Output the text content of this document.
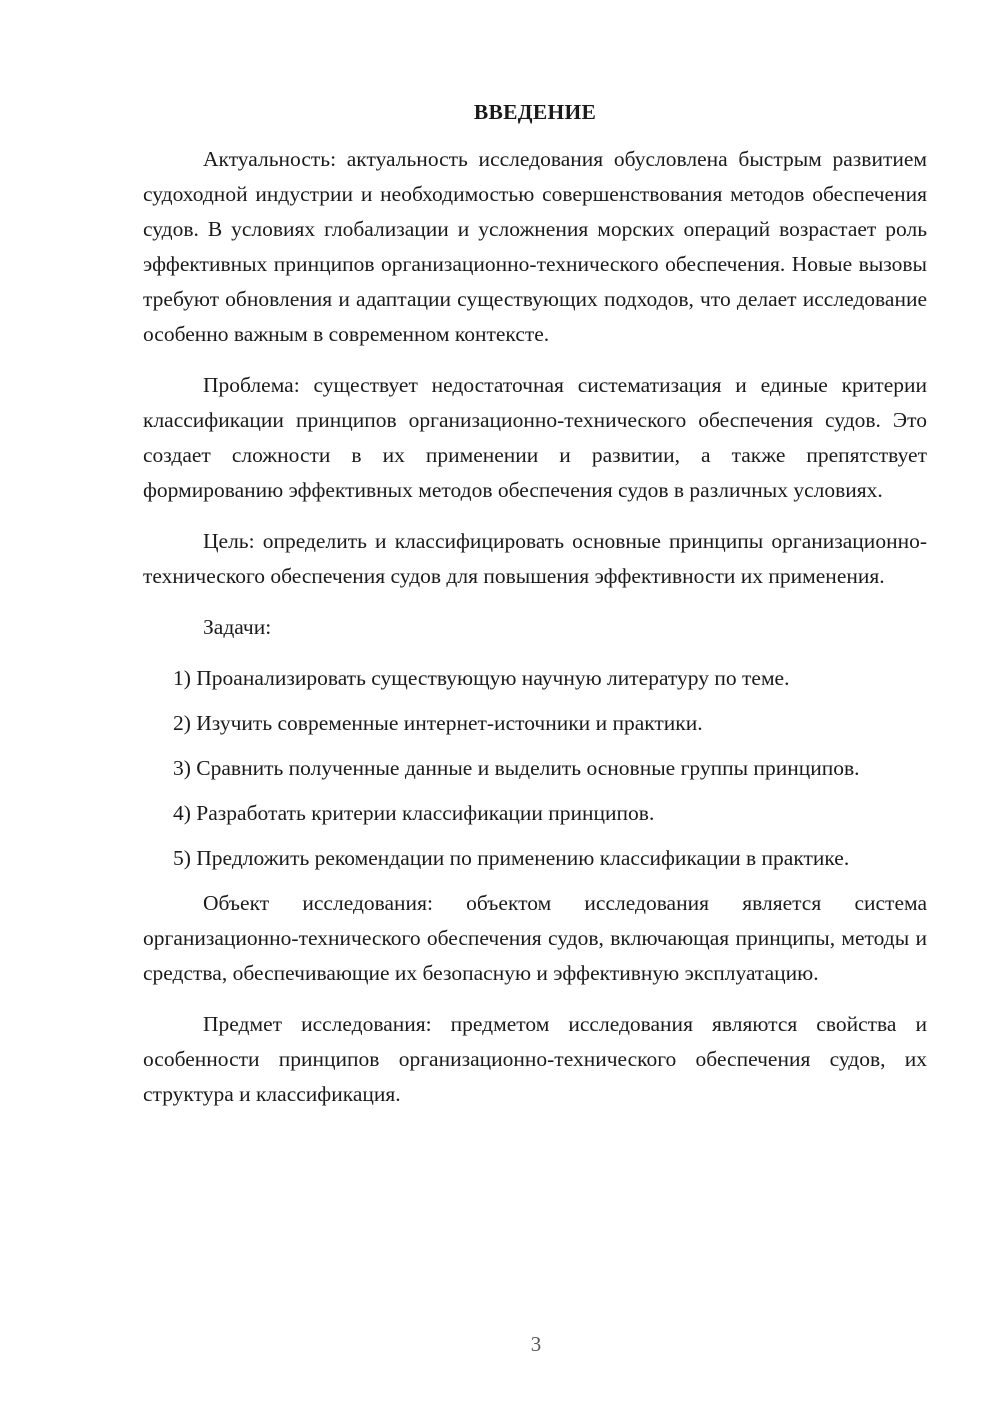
ВВЕДЕНИЕ

Актуальность: актуальность исследования обусловлена быстрым развитием судоходной индустрии и необходимостью совершенствования методов обеспечения судов. В условиях глобализации и усложнения морских операций возрастает роль эффективных принципов организационно-технического обеспечения. Новые вызовы требуют обновления и адаптации существующих подходов, что делает исследование особенно важным в современном контексте.

Проблема: существует недостаточная систематизация и единые критерии классификации принципов организационно-технического обеспечения судов. Это создает сложности в их применении и развитии, а также препятствует формированию эффективных методов обеспечения судов в различных условиях.

Цель: определить и классифицировать основные принципы организационно-технического обеспечения судов для повышения эффективности их применения.

Задачи:

1) Проанализировать существующую научную литературу по теме.

2) Изучить современные интернет-источники и практики.

3) Сравнить полученные данные и выделить основные группы принципов.

4) Разработать критерии классификации принципов.

5) Предложить рекомендации по применению классификации в практике.

Объект исследования: объектом исследования является система организационно-технического обеспечения судов, включающая принципы, методы и средства, обеспечивающие их безопасную и эффективную эксплуатацию.

Предмет исследования: предметом исследования являются свойства и особенности принципов организационно-технического обеспечения судов, их структура и классификация.

3
